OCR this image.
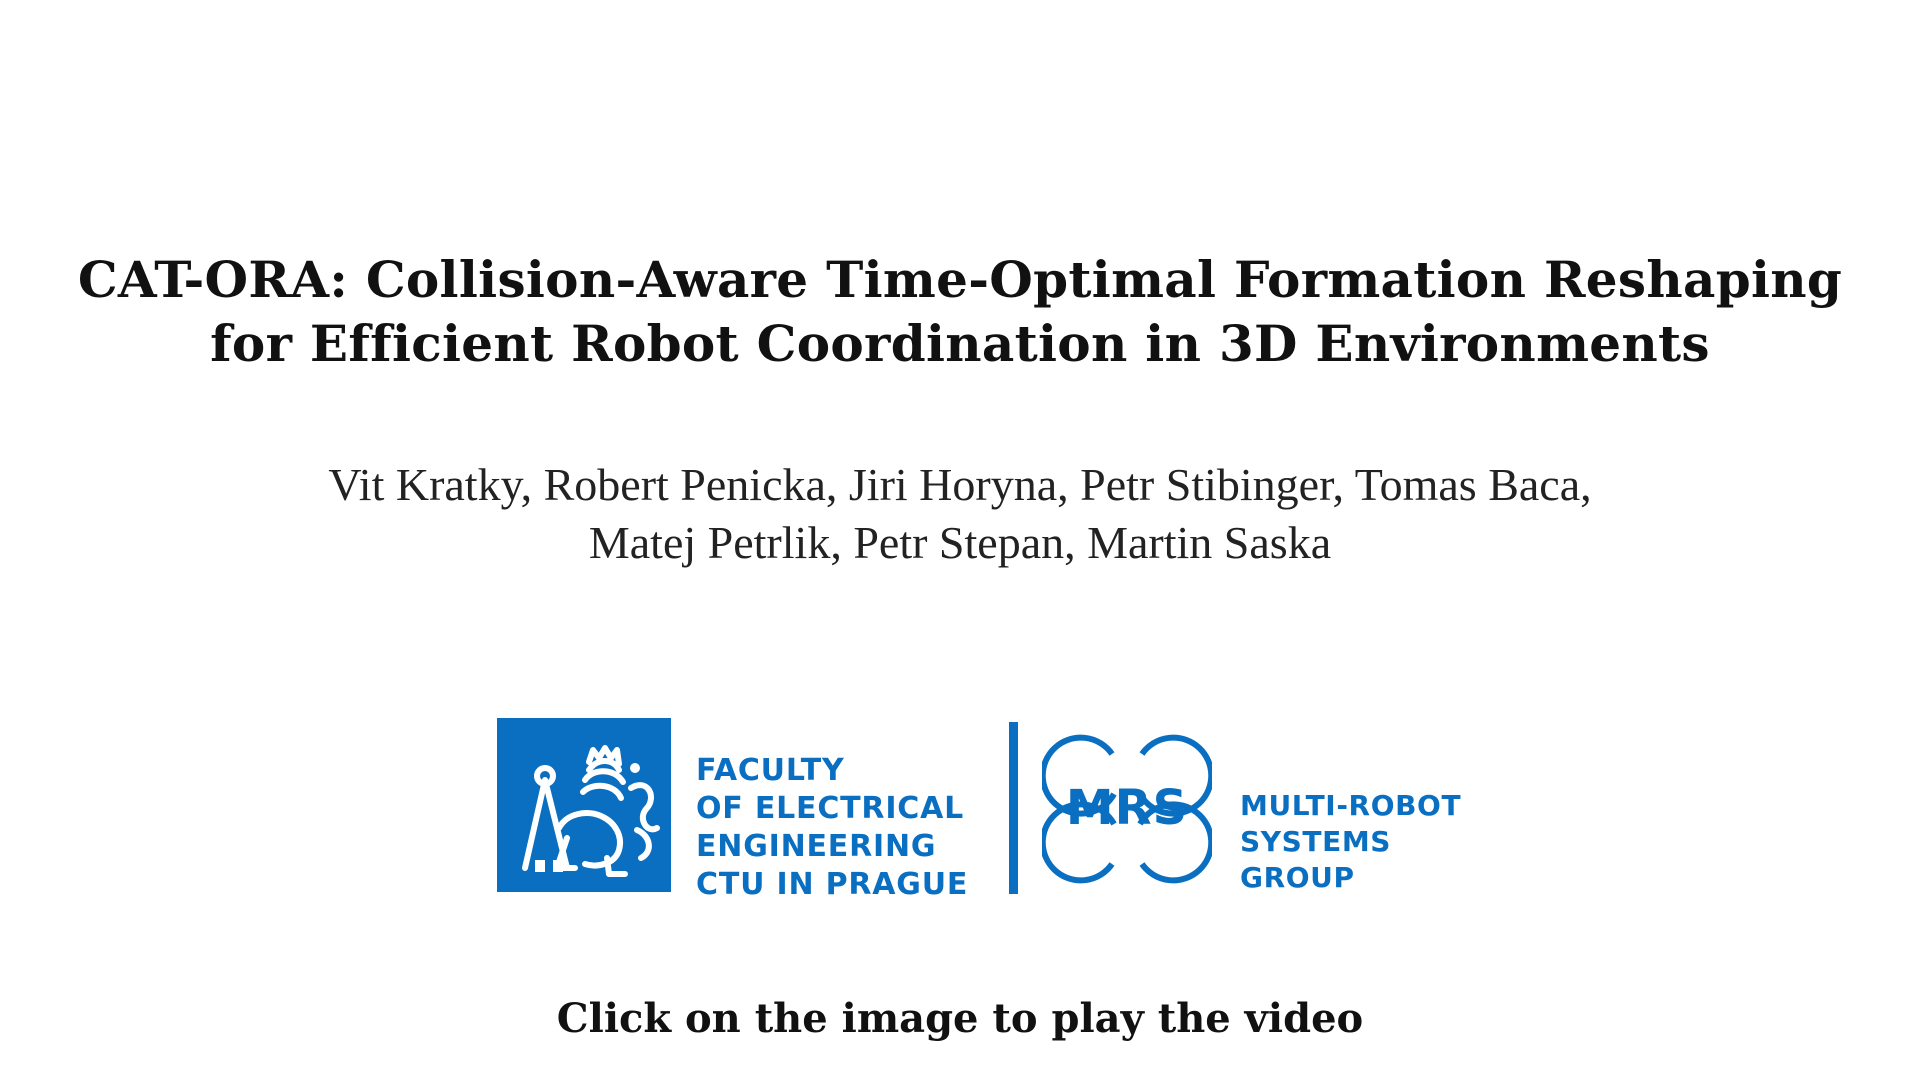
CAT-ORA: Collision-Aware Time-Optimal Formation Reshaping
for Efficient Robot Coordination in 3D Environments
Vit Kratky, Robert Penicka, Jiri Horyna, Petr Stibinger, Tomas Baca,
Matej Petrlik, Petr Stepan, Martin Saska
FACULTY
OF ELECTRICAL
ENGINEERING
CTU IN PRAGUE
MRS	MULTI-ROBOT
SYSTEMS
GROUP
Click on the image to play the video
